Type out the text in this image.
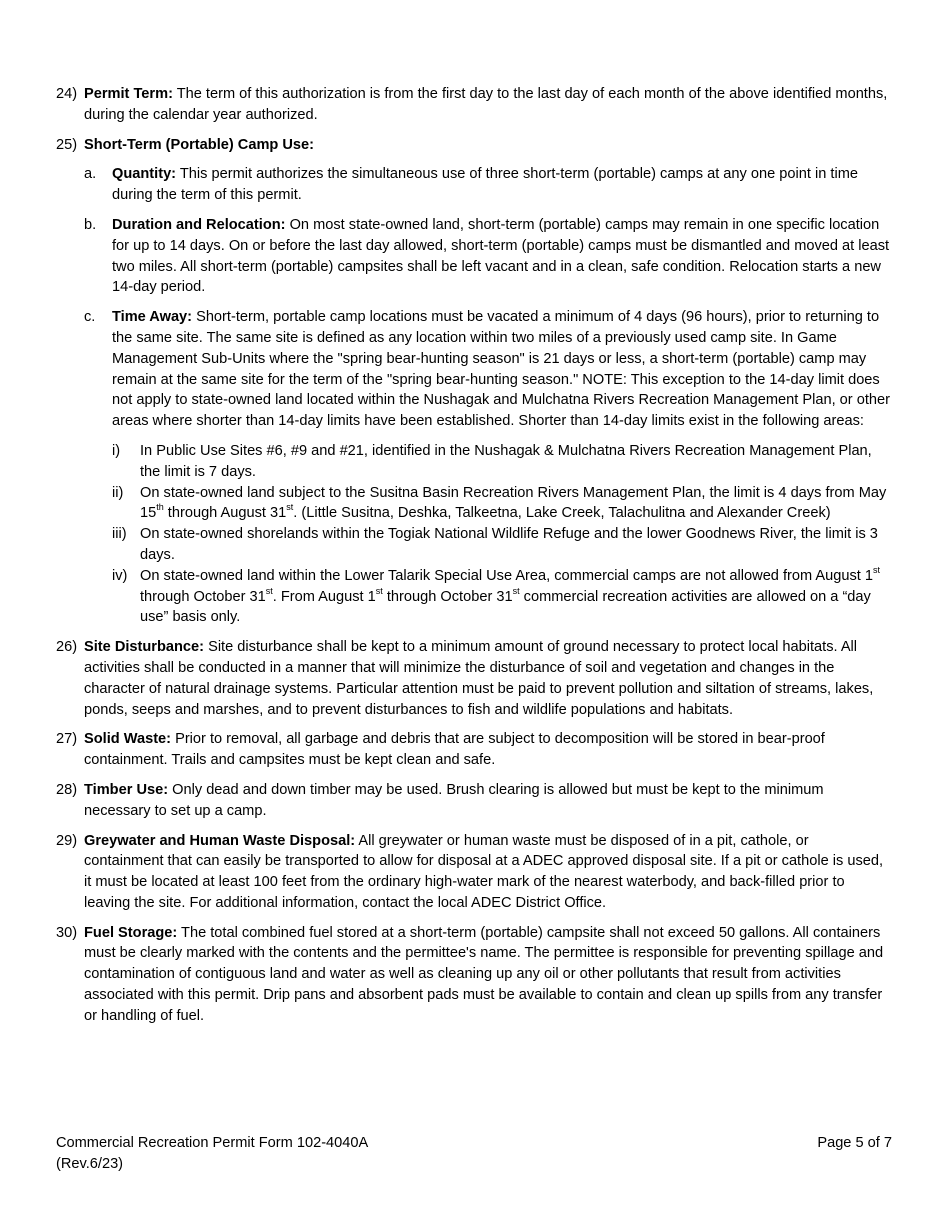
24) Permit Term: The term of this authorization is from the first day to the last day of each month of the above identified months, during the calendar year authorized.
25) Short-Term (Portable) Camp Use:
a. Quantity: This permit authorizes the simultaneous use of three short-term (portable) camps at any one point in time during the term of this permit.
b. Duration and Relocation: On most state-owned land, short-term (portable) camps may remain in one specific location for up to 14 days. On or before the last day allowed, short-term (portable) camps must be dismantled and moved at least two miles. All short-term (portable) campsites shall be left vacant and in a clean, safe condition. Relocation starts a new 14-day period.
c. Time Away: Short-term, portable camp locations must be vacated a minimum of 4 days (96 hours), prior to returning to the same site. The same site is defined as any location within two miles of a previously used camp site. In Game Management Sub-Units where the "spring bear-hunting season" is 21 days or less, a short-term (portable) camp may remain at the same site for the term of the "spring bear-hunting season." NOTE: This exception to the 14-day limit does not apply to state-owned land located within the Nushagak and Mulchatna Rivers Recreation Management Plan, or other areas where shorter than 14-day limits have been established. Shorter than 14-day limits exist in the following areas:
i) In Public Use Sites #6, #9 and #21, identified in the Nushagak & Mulchatna Rivers Recreation Management Plan, the limit is 7 days.
ii) On state-owned land subject to the Susitna Basin Recreation Rivers Management Plan, the limit is 4 days from May 15th through August 31st. (Little Susitna, Deshka, Talkeetna, Lake Creek, Talachulitna and Alexander Creek)
iii) On state-owned shorelands within the Togiak National Wildlife Refuge and the lower Goodnews River, the limit is 3 days.
iv) On state-owned land within the Lower Talarik Special Use Area, commercial camps are not allowed from August 1st through October 31st. From August 1st through October 31st commercial recreation activities are allowed on a “day use” basis only.
26) Site Disturbance: Site disturbance shall be kept to a minimum amount of ground necessary to protect local habitats. All activities shall be conducted in a manner that will minimize the disturbance of soil and vegetation and changes in the character of natural drainage systems. Particular attention must be paid to prevent pollution and siltation of streams, lakes, ponds, seeps and marshes, and to prevent disturbances to fish and wildlife populations and habitats.
27) Solid Waste: Prior to removal, all garbage and debris that are subject to decomposition will be stored in bear-proof containment. Trails and campsites must be kept clean and safe.
28) Timber Use: Only dead and down timber may be used. Brush clearing is allowed but must be kept to the minimum necessary to set up a camp.
29) Greywater and Human Waste Disposal: All greywater or human waste must be disposed of in a pit, cathole, or containment that can easily be transported to allow for disposal at a ADEC approved disposal site. If a pit or cathole is used, it must be located at least 100 feet from the ordinary high-water mark of the nearest waterbody, and back-filled prior to leaving the site. For additional information, contact the local ADEC District Office.
30) Fuel Storage: The total combined fuel stored at a short-term (portable) campsite shall not exceed 50 gallons. All containers must be clearly marked with the contents and the permittee's name. The permittee is responsible for preventing spillage and contamination of contiguous land and water as well as cleaning up any oil or other pollutants that result from activities associated with this permit. Drip pans and absorbent pads must be available to contain and clean up spills from any transfer or handling of fuel.
Commercial Recreation Permit Form 102-4040A
(Rev.6/23)
Page 5 of 7
